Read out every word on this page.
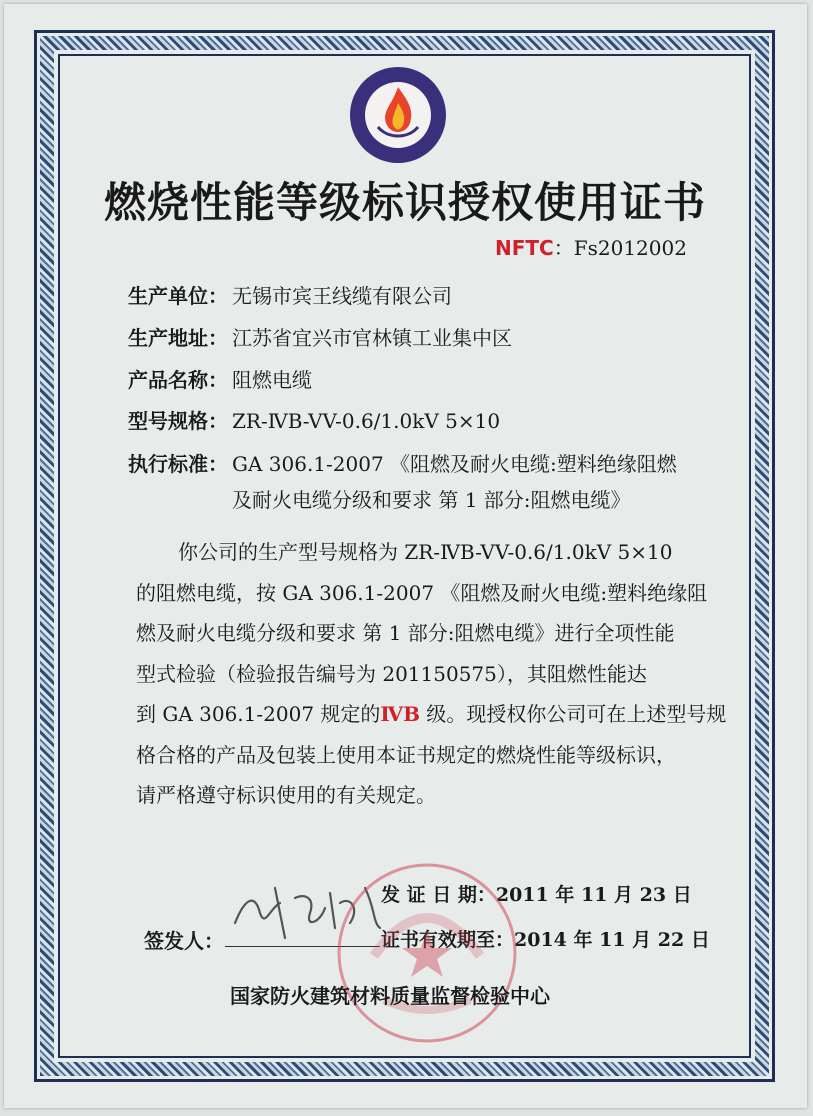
燃烧性能等级标识授权使用证书
NFTC：Fs2012002
生产单位： 无锡市宾王线缆有限公司
生产地址： 江苏省宜兴市官林镇工业集中区
产品名称： 阻燃电缆
型号规格： ZR-ⅣB-VV-0.6/1.0kV 5×10
执行标准： GA 306.1-2007 《阻燃及耐火电缆:塑料绝缘阻燃
及耐火电缆分级和要求 第 1 部分:阻燃电缆》
你公司的生产型号规格为 ZR-ⅣB-VV-0.6/1.0kV 5×10
的阻燃电缆，按 GA 306.1-2007 《阻燃及耐火电缆:塑料绝缘阻
燃及耐火电缆分级和要求 第 1 部分:阻燃电缆》进行全项性能
型式检验（检验报告编号为 201150575），其阻燃性能达
到 GA 306.1-2007 规定的ⅣB 级。现授权你公司可在上述型号规
格合格的产品及包装上使用本证书规定的燃烧性能等级标识，
请严格遵守标识使用的有关规定。
发 证 日 期：2011 年 11 月 23 日
证书有效期至：2014 年 11 月 22 日
签发人：
国家防火建筑材料质量监督检验中心
